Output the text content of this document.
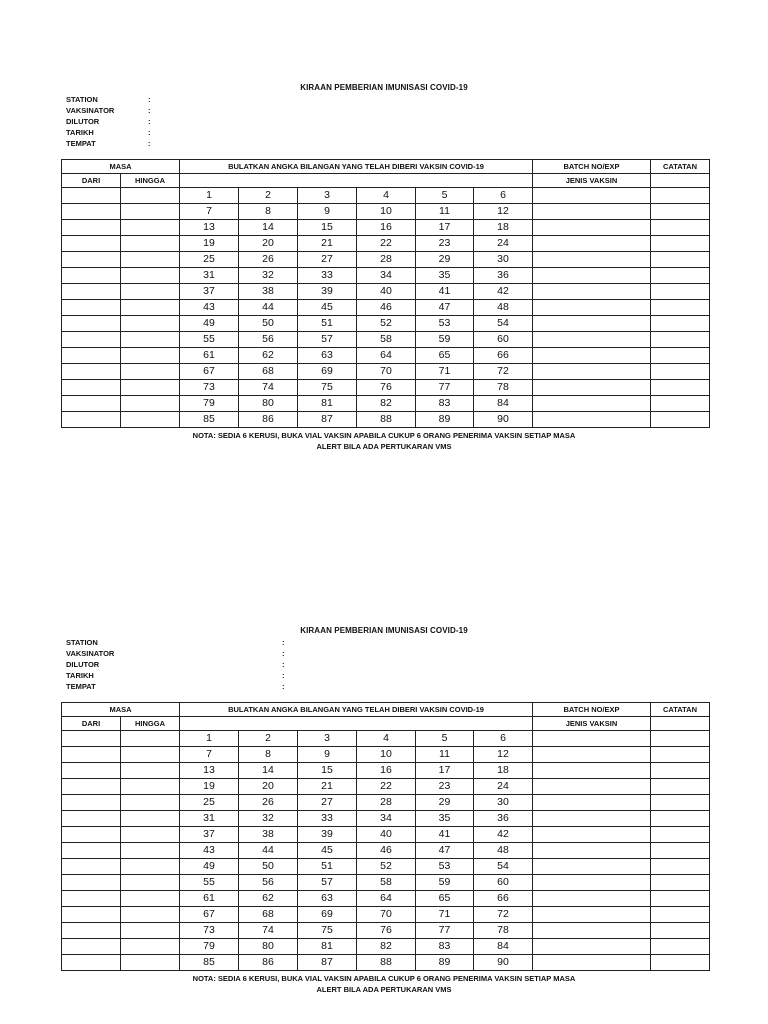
KIRAAN PEMBERIAN IMUNISASI COVID-19
STATION	:
VAKSINATOR	:
DILUTOR	:
TARIKH	:
TEMPAT	:
MASA		BULATKAN ANGKA BILANGAN YANG TELAH DIBERI VAKSIN COVID-19						BATCH NO/EXP	CATATAN
DARI	HINGGA							JENIS VAKSIN	
		1	2	3	4	5	6		
		7	8	9	10	11	12		
		13	14	15	16	17	18		
		19	20	21	22	23	24		
		25	26	27	28	29	30		
		31	32	33	34	35	36		
		37	38	39	40	41	42		
		43	44	45	46	47	48		
		49	50	51	52	53	54		
		55	56	57	58	59	60		
		61	62	63	64	65	66		
		67	68	69	70	71	72		
		73	74	75	76	77	78		
		79	80	81	82	83	84		
		85	86	87	88	89	90		
NOTA: SEDIA 6 KERUSI, BUKA VIAL VAKSIN APABILA CUKUP 6 ORANG PENERIMA VAKSIN SETIAP MASA
ALERT BILA ADA PERTUKARAN VMS
KIRAAN PEMBERIAN IMUNISASI COVID-19
STATION	:
VAKSINATOR	:
DILUTOR	:
TARIKH	:
TEMPAT	:
MASA		BULATKAN ANGKA BILANGAN YANG TELAH DIBERI VAKSIN COVID-19						BATCH NO/EXP	CATATAN
DARI	HINGGA							JENIS VAKSIN	
		1	2	3	4	5	6		
		7	8	9	10	11	12		
		13	14	15	16	17	18		
		19	20	21	22	23	24		
		25	26	27	28	29	30		
		31	32	33	34	35	36		
		37	38	39	40	41	42		
		43	44	45	46	47	48		
		49	50	51	52	53	54		
		55	56	57	58	59	60		
		61	62	63	64	65	66		
		67	68	69	70	71	72		
		73	74	75	76	77	78		
		79	80	81	82	83	84		
		85	86	87	88	89	90		
NOTA: SEDIA 6 KERUSI, BUKA VIAL VAKSIN APABILA CUKUP 6 ORANG PENERIMA VAKSIN SETIAP MASA
ALERT BILA ADA PERTUKARAN VMS
